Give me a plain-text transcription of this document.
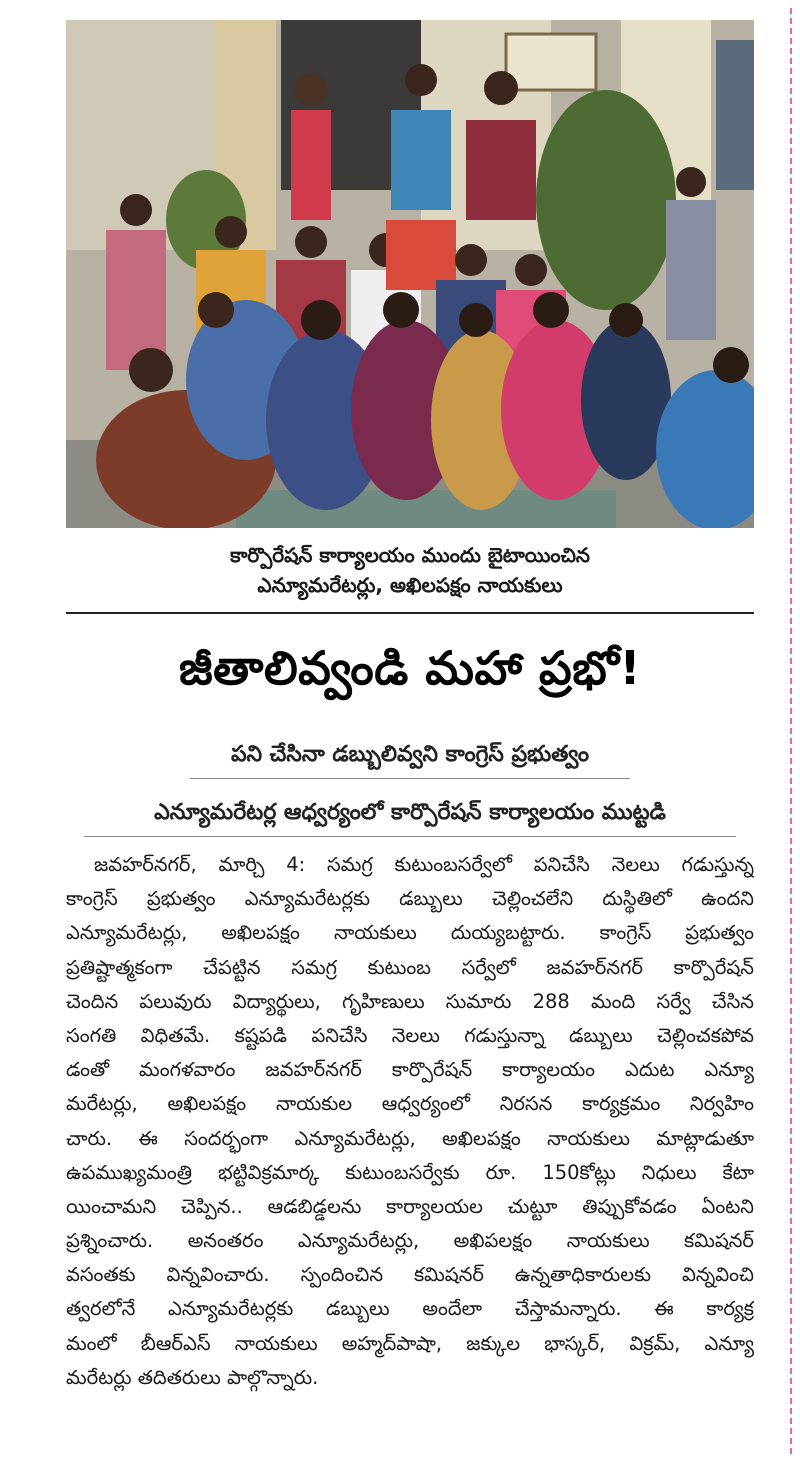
కార్పొరేషన్ కార్యాలయం ముందు బైటాయించిన
ఎన్యూమరేటర్లు, అఖిలపక్షం నాయకులు
జీతాలివ్వండి మహా ప్రభో!
పని చేసినా డబ్బులివ్వని కాంగ్రెస్ ప్రభుత్వం
ఎన్యూమరేటర్ల ఆధ్వర్యంలో కార్పొరేషన్ కార్యాలయం ముట్టడి
జవహర్‌నగర్, మార్చి 4: సమగ్ర కుటుంబసర్వేలో పనిచేసి నెలలు గడుస్తున్న
కాంగ్రెస్ ప్రభుత్వం ఎన్యూమరేటర్లకు డబ్బులు చెల్లించలేని దుస్థితిలో ఉందని
ఎన్యూమరేటర్లు, అఖిలపక్షం నాయకులు దుయ్యబట్టారు. కాంగ్రెస్ ప్రభుత్వం
ప్రతిష్టాత్మకంగా చేపట్టిన సమగ్ర కుటుంబ సర్వేలో జవహర్‌నగర్ కార్పొరేషన్
చెందిన పలువురు విద్యార్థులు, గృహిణులు సుమారు 288 మంది సర్వే చేసిన
సంగతి విధితమే. కష్టపడి పనిచేసి నెలలు గడుస్తున్నా డబ్బులు చెల్లించకపోవ
డంతో మంగళవారం జవహర్‌నగర్ కార్పొరేషన్ కార్యాలయం ఎదుట ఎన్యూ
మరేటర్లు, అఖిలపక్షం నాయకుల ఆధ్వర్యంలో నిరసన కార్యక్రమం నిర్వహిం
చారు. ఈ సందర్భంగా ఎన్యూమరేటర్లు, అఖిలపక్షం నాయకులు మాట్లాడుతూ
ఉపముఖ్యమంత్రి భట్టివిక్రమార్క కుటుంబసర్వేకు రూ. 150కోట్లు నిధులు కేటా
యించామని చెప్పిన.. ఆడబిడ్డలను కార్యాలయల చుట్టూ తిప్పుకోవడం ఏంటని
ప్రశ్నించారు. అనంతరం ఎన్యూమరేటర్లు, అఖిపలక్షం నాయకులు కమిషనర్
వసంతకు విన్నవించారు. స్పందించిన కమిషనర్ ఉన్నతాధికారులకు విన్నవించి
త్వరలోనే ఎన్యూమరేటర్లకు డబ్బులు అందేలా చేస్తామన్నారు. ఈ కార్యక్ర
మంలో బీఆర్ఎస్ నాయకులు అహ్మద్‌పాషా, జక్కుల భాస్కర్, విక్రమ్, ఎన్యూ
మరేటర్లు తదితరులు పాల్గొన్నారు.
